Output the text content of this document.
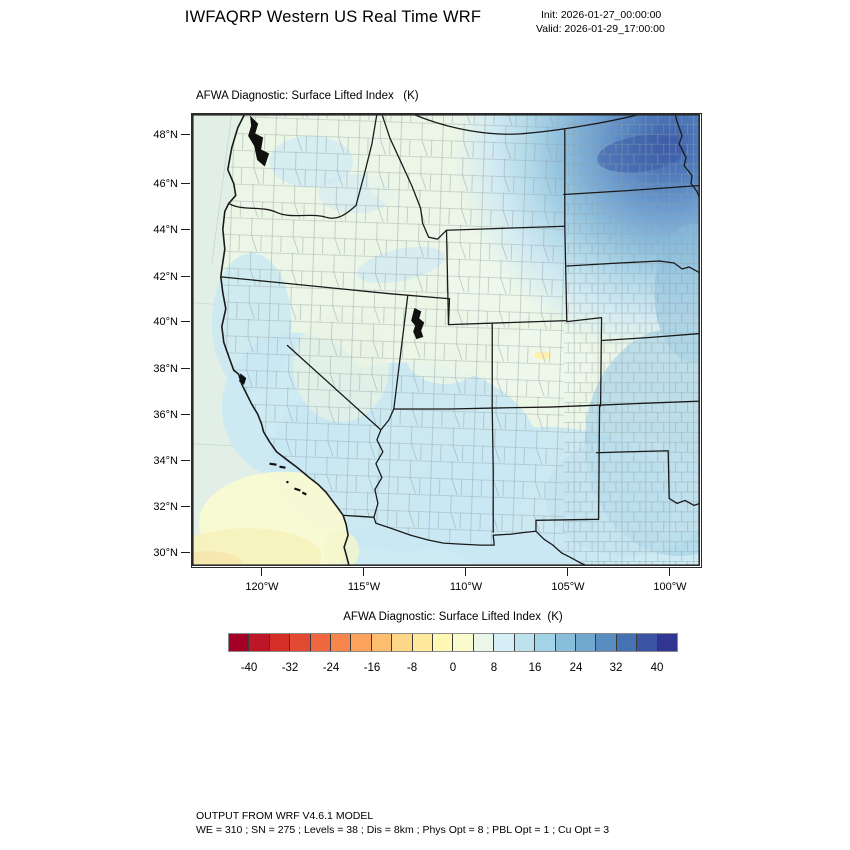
IWFAQRP Western US Real Time WRF	Init: 2026-01-27_00:00:00
Valid: 2026-01-29_17:00:00
AFWA Diagnostic: Surface Lifted Index   (K)
48°N
46°N
44°N
42°N
40°N
38°N
36°N
34°N
32°N
30°N
120°W	115°W	110°W	105°W	100°W
AFWA Diagnostic: Surface Lifted Index  (K)
-40	-32	-24	-16	-8	0	8	16	24	32	40
OUTPUT FROM WRF V4.6.1 MODEL
WE = 310 ; SN = 275 ; Levels = 38 ; Dis = 8km ; Phys Opt = 8 ; PBL Opt = 1 ; Cu Opt = 3
